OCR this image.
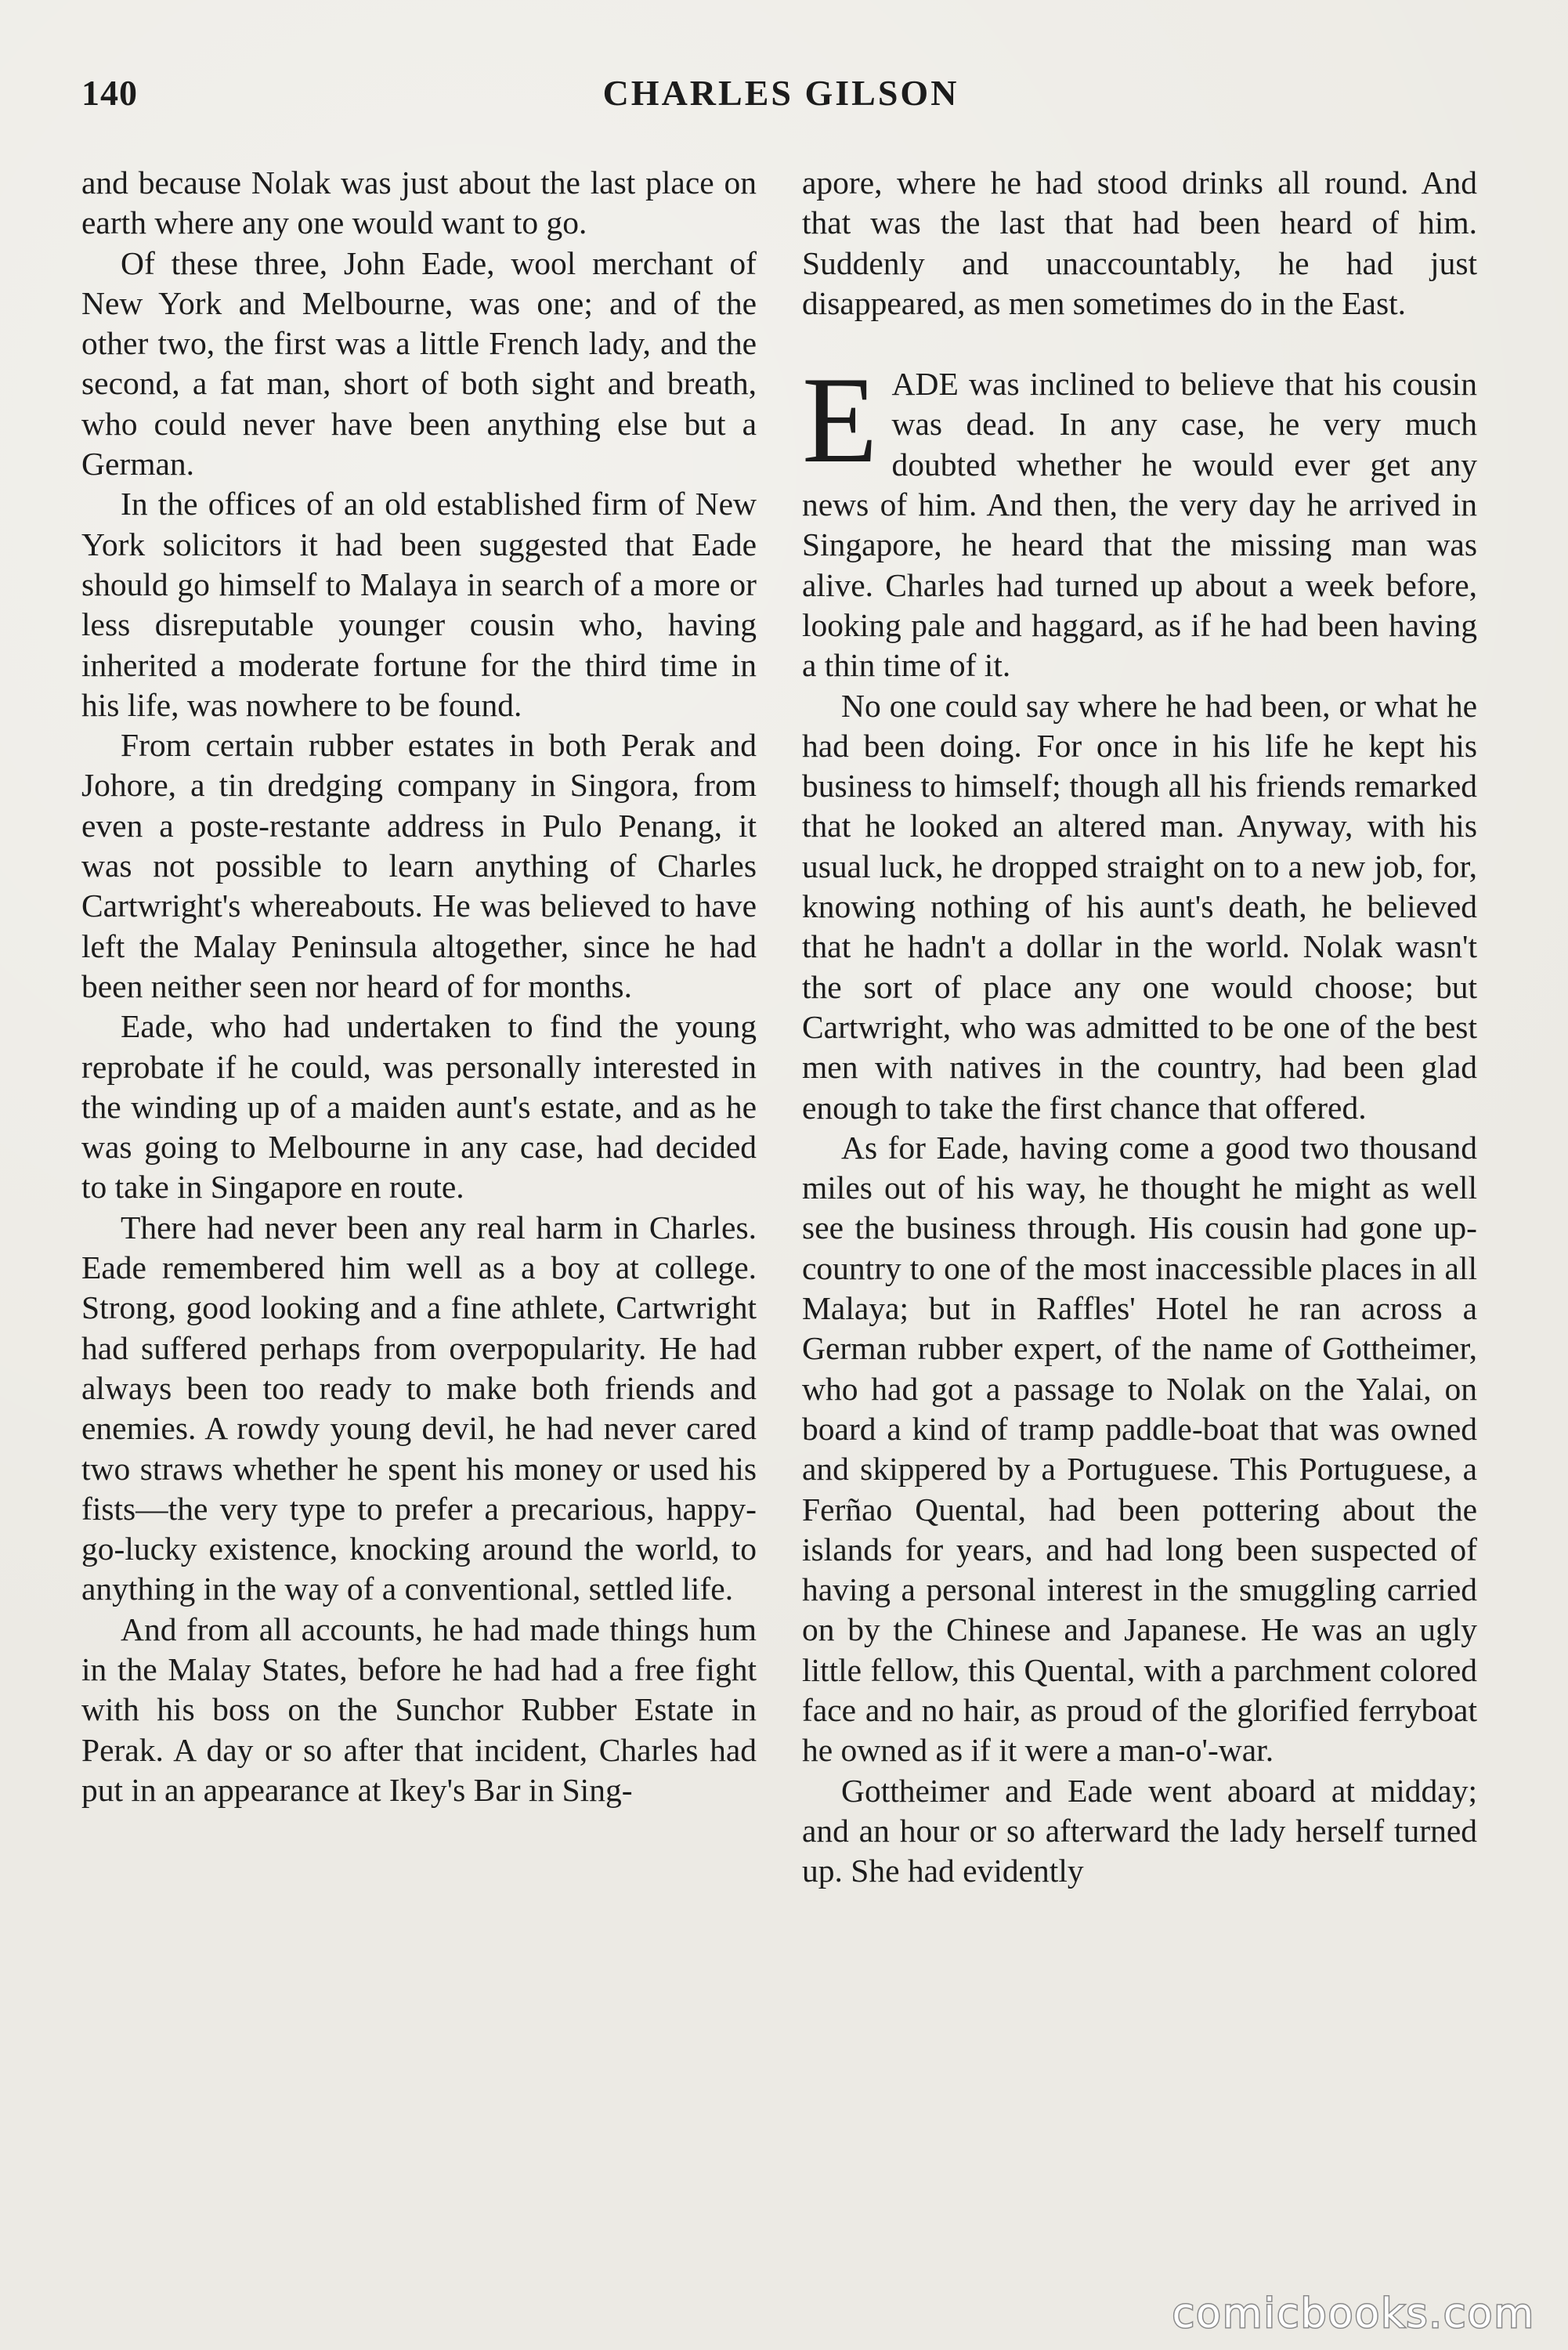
140	CHARLES GILSON

and because Nolak was just about the last place on earth where any one would want to go.

Of these three, John Eade, wool merchant of New York and Melbourne, was one; and of the other two, the first was a little French lady, and the second, a fat man, short of both sight and breath, who could never have been anything else but a German.

In the offices of an old established firm of New York solicitors it had been suggested that Eade should go himself to Malaya in search of a more or less disreputable younger cousin who, having inherited a moderate fortune for the third time in his life, was nowhere to be found.

From certain rubber estates in both Perak and Johore, a tin dredging company in Singora, from even a poste-restante address in Pulo Penang, it was not possible to learn anything of Charles Cartwright's whereabouts. He was believed to have left the Malay Peninsula altogether, since he had been neither seen nor heard of for months.

Eade, who had undertaken to find the young reprobate if he could, was personally interested in the winding up of a maiden aunt's estate, and as he was going to Melbourne in any case, had decided to take in Singapore en route.

There had never been any real harm in Charles. Eade remembered him well as a boy at college. Strong, good looking and a fine athlete, Cartwright had suffered perhaps from overpopularity. He had always been too ready to make both friends and enemies. A rowdy young devil, he had never cared two straws whether he spent his money or used his fists—the very type to prefer a precarious, happy-go-lucky existence, knocking around the world, to anything in the way of a conventional, settled life.

And from all accounts, he had made things hum in the Malay States, before he had had a free fight with his boss on the Sunchor Rubber Estate in Perak. A day or so after that incident, Charles had put in an appearance at Ikey's Bar in Sing-

apore, where he had stood drinks all round. And that was the last that had been heard of him. Suddenly and unaccountably, he had just disappeared, as men sometimes do in the East.

E ADE was inclined to believe that his cousin was dead. In any case, he very much doubted whether he would ever get any news of him. And then, the very day he arrived in Singapore, he heard that the missing man was alive. Charles had turned up about a week before, looking pale and haggard, as if he had been having a thin time of it.

No one could say where he had been, or what he had been doing. For once in his life he kept his business to himself; though all his friends remarked that he looked an altered man. Anyway, with his usual luck, he dropped straight on to a new job, for, knowing nothing of his aunt's death, he believed that he hadn't a dollar in the world. Nolak wasn't the sort of place any one would choose; but Cartwright, who was admitted to be one of the best men with natives in the country, had been glad enough to take the first chance that offered.

As for Eade, having come a good two thousand miles out of his way, he thought he might as well see the business through. His cousin had gone up-country to one of the most inaccessible places in all Malaya; but in Raffles' Hotel he ran across a German rubber expert, of the name of Gottheimer, who had got a passage to Nolak on the Yalai, on board a kind of tramp paddle-boat that was owned and skippered by a Portuguese. This Portuguese, a Ferñao Quental, had been pottering about the islands for years, and had long been suspected of having a personal interest in the smuggling carried on by the Chinese and Japanese. He was an ugly little fellow, this Quental, with a parchment colored face and no hair, as proud of the glorified ferryboat he owned as if it were a man-o'-war.

Gottheimer and Eade went aboard at midday; and an hour or so afterward the lady herself turned up. She had evidently

comicbooks.com
